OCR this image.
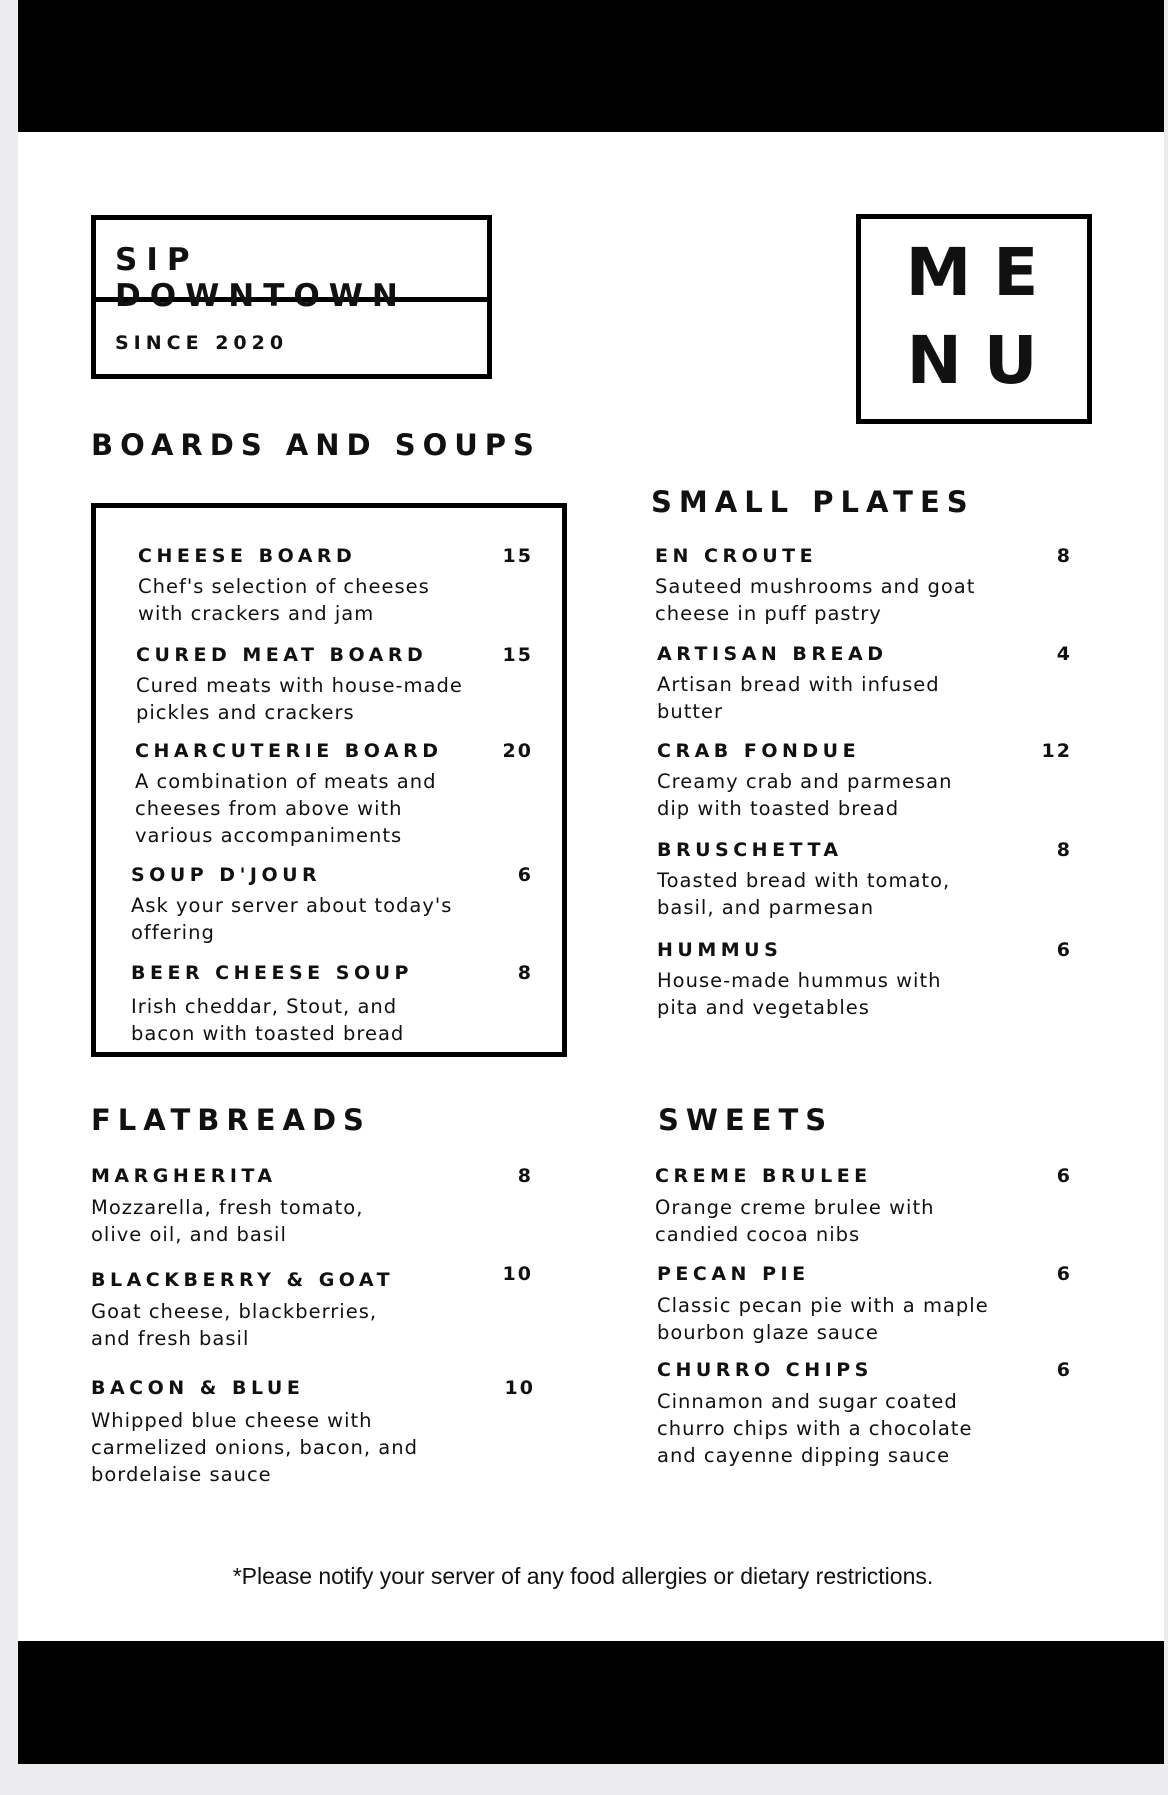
SIP DOWNTOWN
SINCE 2020
ME
NU
BOARDS AND SOUPS
CHEESE BOARD	15
Chef's selection of cheeses with crackers and jam
CURED MEAT BOARD	15
Cured meats with house-made pickles and crackers
CHARCUTERIE BOARD	20
A combination of meats and cheeses from above with various accompaniments
SOUP D'JOUR	6
Ask your server about today's offering
BEER CHEESE SOUP	8
Irish cheddar, Stout, and bacon with toasted bread
SMALL PLATES
EN CROUTE	8
Sauteed mushrooms and goat cheese in puff pastry
ARTISAN BREAD	4
Artisan bread with infused butter
CRAB FONDUE	12
Creamy crab and parmesan dip with toasted bread
BRUSCHETTA	8
Toasted bread with tomato, basil, and parmesan
HUMMUS	6
House-made hummus with pita and vegetables
FLATBREADS
MARGHERITA	8
Mozzarella, fresh tomato, olive oil, and basil
BLACKBERRY & GOAT	10
Goat cheese, blackberries, and fresh basil
BACON & BLUE	10
Whipped blue cheese with carmelized onions, bacon, and bordelaise sauce
SWEETS
CREME BRULEE	6
Orange creme brulee with candied cocoa nibs
PECAN PIE	6
Classic pecan pie with a maple bourbon glaze sauce
CHURRO CHIPS	6
Cinnamon and sugar coated churro chips with a chocolate and cayenne dipping sauce
*Please notify your server of any food allergies or dietary restrictions.
